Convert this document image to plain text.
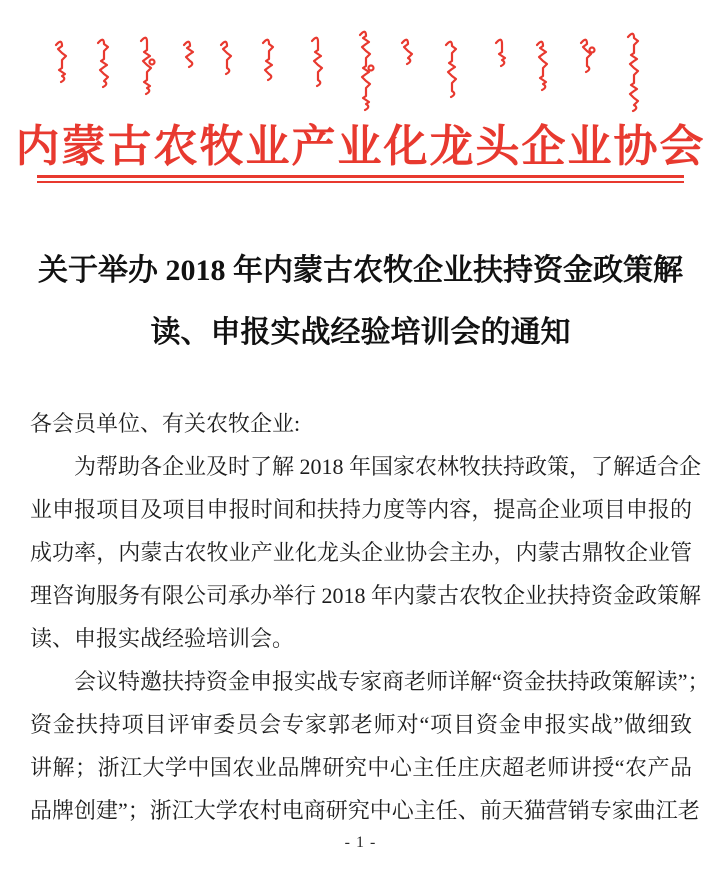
内蒙古农牧业产业化龙头企业协会
关于举办 2018 年内蒙古农牧企业扶持资金政策解
读、申报实战经验培训会的通知
各会员单位、有关农牧企业:
为帮助各企业及时了解 2018 年国家农林牧扶持政策，了解适合企
业申报项目及项目申报时间和扶持力度等内容，提高企业项目申报的
成功率，内蒙古农牧业产业化龙头企业协会主办，内蒙古鼎牧企业管
理咨询服务有限公司承办举行 2018 年内蒙古农牧企业扶持资金政策解
读、申报实战经验培训会。
会议特邀扶持资金申报实战专家商老师详解“资金扶持政策解读”；
资金扶持项目评审委员会专家郭老师对“项目资金申报实战”做细致
讲解；浙江大学中国农业品牌研究中心主任庄庆超老师讲授“农产品
品牌创建”；浙江大学农村电商研究中心主任、前天猫营销专家曲江老
- 1 -
